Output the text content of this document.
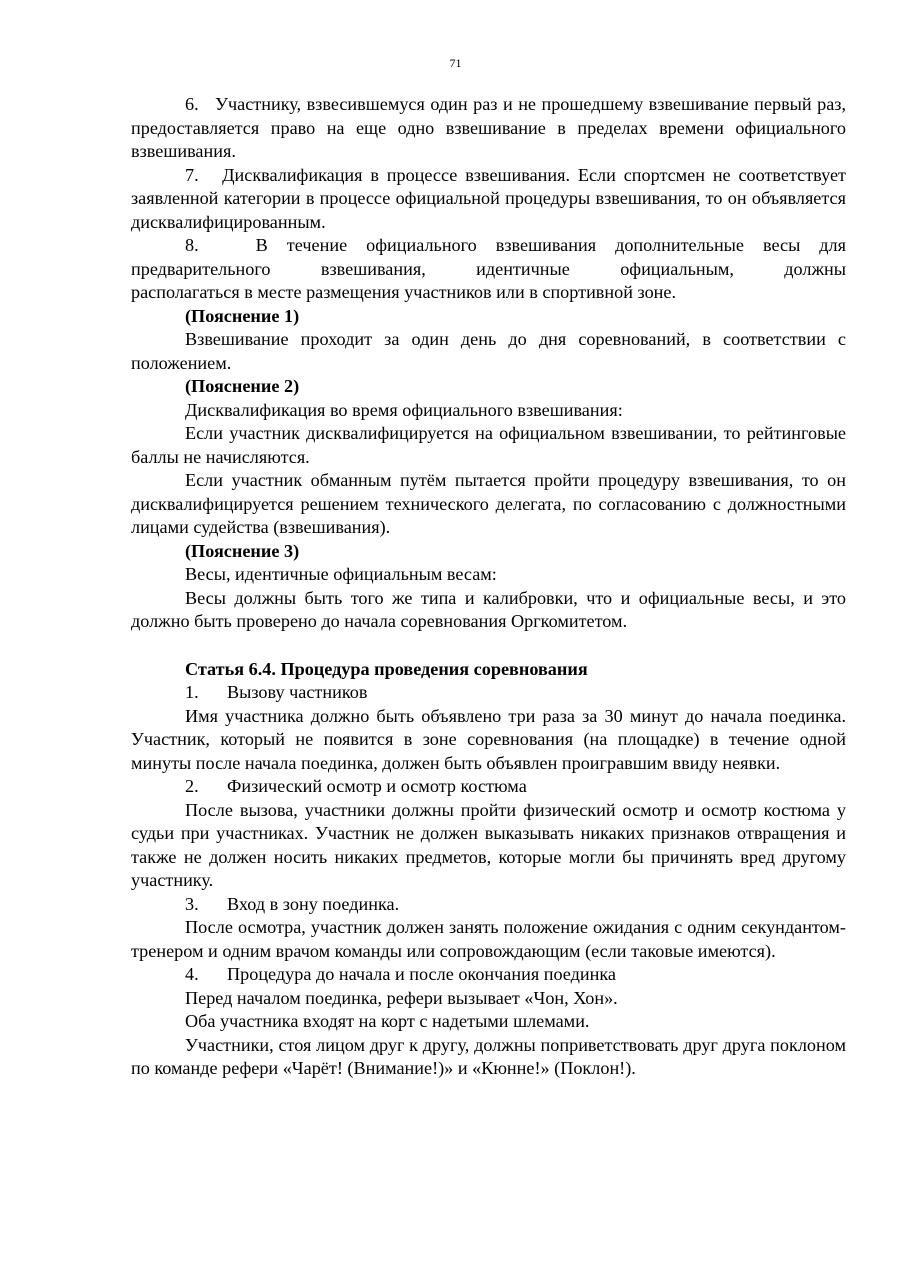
71

6. Участнику, взвесившемуся один раз и не прошедшему взвешивание первый раз, предоставляется право на еще одно взвешивание в пределах времени официального взвешивания.

7. Дисквалификация в процессе взвешивания. Если спортсмен не соответствует заявленной категории в процессе официальной процедуры взвешивания, то он объявляется дисквалифицированным.

8.	В течение официального взвешивания дополнительные весы для

предварительного взвешивания, идентичные официальным, должны

располагаться в месте размещения участников или в спортивной зоне.

(Пояснение 1)

Взвешивание проходит за один день до дня соревнований, в соответствии с положением.

(Пояснение 2)

Дисквалификация во время официального взвешивания:

Если участник дисквалифицируется на официальном взвешивании, то рейтинговые баллы не начисляются.

Если участник обманным путём пытается пройти процедуру взвешивания, то он дисквалифицируется решением технического делегата, по согласованию с должностными лицами судейства (взвешивания).

(Пояснение 3)

Весы, идентичные официальным весам:

Весы должны быть того же типа и калибровки, что и официальные весы, и это должно быть проверено до начала соревнования Оргкомитетом.

Статья 6.4. Процедура проведения соревнования

1. Вызову частников

Имя участника должно быть объявлено три раза за 30 минут до начала поединка. Участник, который не появится в зоне соревнования (на площадке) в течение одной минуты после начала поединка, должен быть объявлен проигравшим ввиду неявки.

2. Физический осмотр и осмотр костюма

После вызова, участники должны пройти физический осмотр и осмотр костюма у судьи при участниках. Участник не должен выказывать никаких признаков отвращения и также не должен носить никаких предметов, которые могли бы причинять вред другому участнику.

3. Вход в зону поединка.

После осмотра, участник должен занять положение ожидания с одним секундантом-тренером и одним врачом команды или сопровождающим (если таковые имеются).

4. Процедура до начала и после окончания поединка

Перед началом поединка, рефери вызывает «Чон, Хон».

Оба участника входят на корт с надетыми шлемами.

Участники, стоя лицом друг к другу, должны поприветствовать друг друга поклоном по команде рефери «Чарёт! (Внимание!)» и «Кюнне!» (Поклон!).
